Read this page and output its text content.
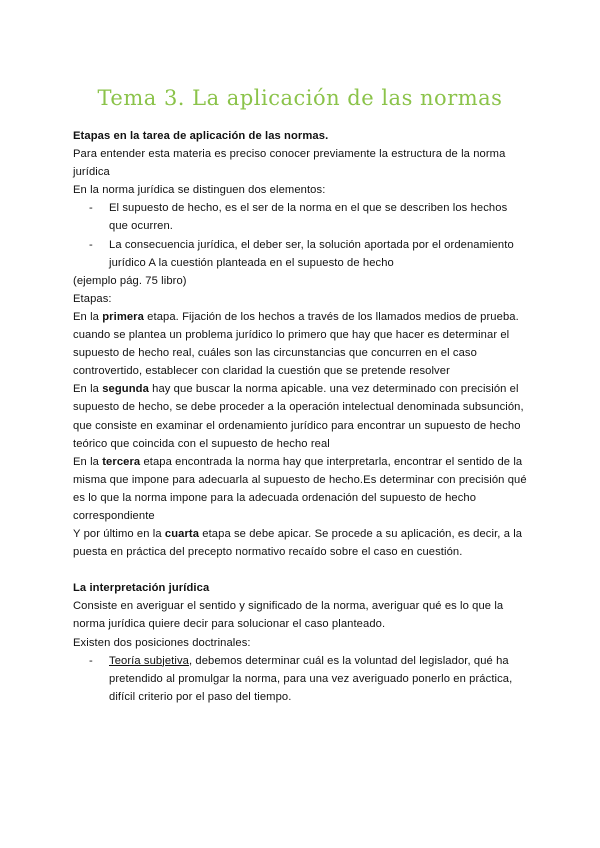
Tema 3. La aplicación de las normas

Etapas en la tarea de aplicación de las normas.

Para entender esta materia es preciso conocer previamente la estructura de la norma jurídica

En la norma jurídica se distinguen dos elementos:

- El supuesto de hecho, es el ser de la norma en el que se describen los hechos que ocurren.
- La consecuencia jurídica, el deber ser, la solución aportada por el ordenamiento jurídico A la cuestión planteada en el supuesto de hecho

(ejemplo pág. 75 libro)

Etapas:

En la primera etapa. Fijación de los hechos a través de los llamados medios de prueba. cuando se plantea un problema jurídico lo primero que hay que hacer es determinar el supuesto de hecho real, cuáles son las circunstancias que concurren en el caso controvertido, establecer con claridad la cuestión que se pretende resolver

En la segunda hay que buscar la norma apicable. una vez determinado con precisión el supuesto de hecho, se debe proceder a la operación intelectual denominada subsunción, que consiste en examinar el ordenamiento jurídico para encontrar un supuesto de hecho teórico que coincida con el supuesto de hecho real

En la tercera etapa encontrada la norma hay que interpretarla, encontrar el sentido de la misma que impone para adecuarla al supuesto de hecho.Es determinar con precisión qué es lo que la norma impone para la adecuada ordenación del supuesto de hecho correspondiente

Y por último en la cuarta etapa se debe apicar. Se procede a su aplicación, es decir, a la puesta en práctica del precepto normativo recaído sobre el caso en cuestión.

La interpretación jurídica

Consiste en averiguar el sentido y significado de la norma, averiguar qué es lo que la norma jurídica quiere decir para solucionar el caso planteado.

Existen dos posiciones doctrinales:

- Teoría subjetiva, debemos determinar cuál es la voluntad del legislador, qué ha pretendido al promulgar la norma, para una vez averiguado ponerlo en práctica, difícil criterio por el paso del tiempo.
